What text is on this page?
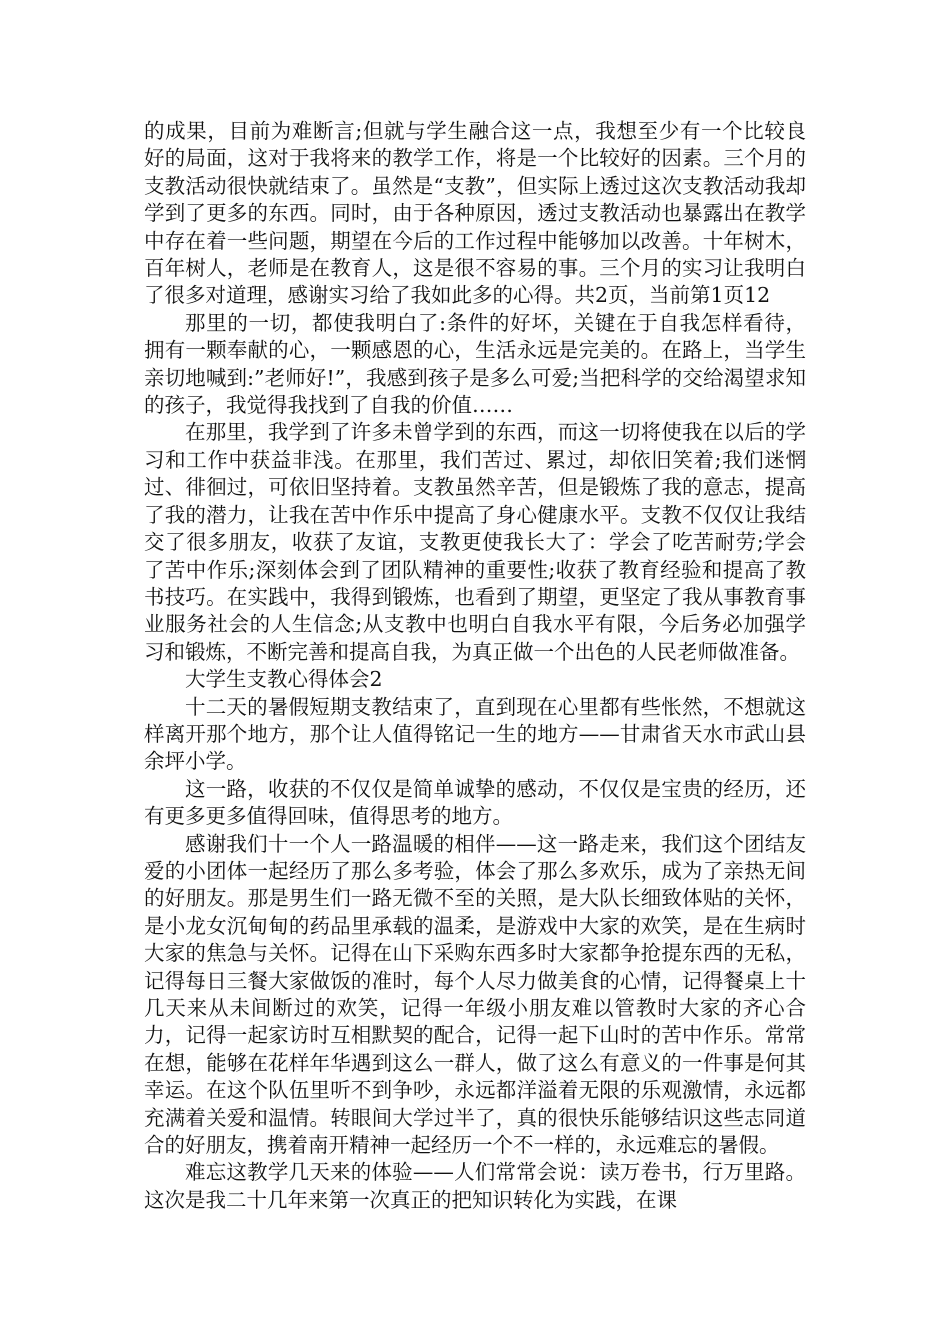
的成果，目前为难断言;但就与学生融合这一点，我想至少有一个比较良好的局面，这对于我将来的教学工作，将是一个比较好的因素。三个月的支教活动很快就结束了。虽然是“支教”，但实际上透过这次支教活动我却学到了更多的东西。同时，由于各种原因，透过支教活动也暴露出在教学中存在着一些问题，期望在今后的工作过程中能够加以改善。十年树木，百年树人，老师是在教育人，这是很不容易的事。三个月的实习让我明白了很多对道理，感谢实习给了我如此多的心得。共2页，当前第1页12

那里的一切，都使我明白了:条件的好坏，关键在于自我怎样看待，拥有一颗奉献的心，一颗感恩的心，生活永远是完美的。在路上，当学生亲切地喊到:”老师好!”，我感到孩子是多么可爱;当把科学的交给渴望求知的孩子，我觉得我找到了自我的价值……

在那里，我学到了许多未曾学到的东西，而这一切将使我在以后的学习和工作中获益非浅。在那里，我们苦过、累过，却依旧笑着;我们迷惘过、徘徊过，可依旧坚持着。支教虽然辛苦，但是锻炼了我的意志，提高了我的潜力，让我在苦中作乐中提高了身心健康水平。支教不仅仅让我结交了很多朋友，收获了友谊，支教更使我长大了：学会了吃苦耐劳;学会了苦中作乐;深刻体会到了团队精神的重要性;收获了教育经验和提高了教书技巧。在实践中，我得到锻炼，也看到了期望，更坚定了我从事教育事业服务社会的人生信念;从支教中也明白自我水平有限，今后务必加强学习和锻炼，不断完善和提高自我，为真正做一个出色的人民老师做准备。

大学生支教心得体会2

十二天的暑假短期支教结束了，直到现在心里都有些怅然，不想就这样离开那个地方，那个让人值得铭记一生的地方——甘肃省天水市武山县余坪小学。

这一路，收获的不仅仅是简单诚挚的感动，不仅仅是宝贵的经历，还有更多更多值得回味，值得思考的地方。

感谢我们十一个人一路温暖的相伴——这一路走来，我们这个团结友爱的小团体一起经历了那么多考验，体会了那么多欢乐，成为了亲热无间的好朋友。那是男生们一路无微不至的关照，是大队长细致体贴的关怀，是小龙女沉甸甸的药品里承载的温柔，是游戏中大家的欢笑，是在生病时大家的焦急与关怀。记得在山下采购东西多时大家都争抢提东西的无私，记得每日三餐大家做饭的准时，每个人尽力做美食的心情，记得餐桌上十几天来从未间断过的欢笑，记得一年级小朋友难以管教时大家的齐心合力，记得一起家访时互相默契的配合，记得一起下山时的苦中作乐。常常在想，能够在花样年华遇到这么一群人，做了这么有意义的一件事是何其幸运。在这个队伍里听不到争吵，永远都洋溢着无限的乐观激情，永远都充满着关爱和温情。转眼间大学过半了，真的很快乐能够结识这些志同道合的好朋友，携着南开精神一起经历一个不一样的，永远难忘的暑假。

难忘这教学几天来的体验——人们常常会说：读万卷书，行万里路。这次是我二十几年来第一次真正的把知识转化为实践，在课
